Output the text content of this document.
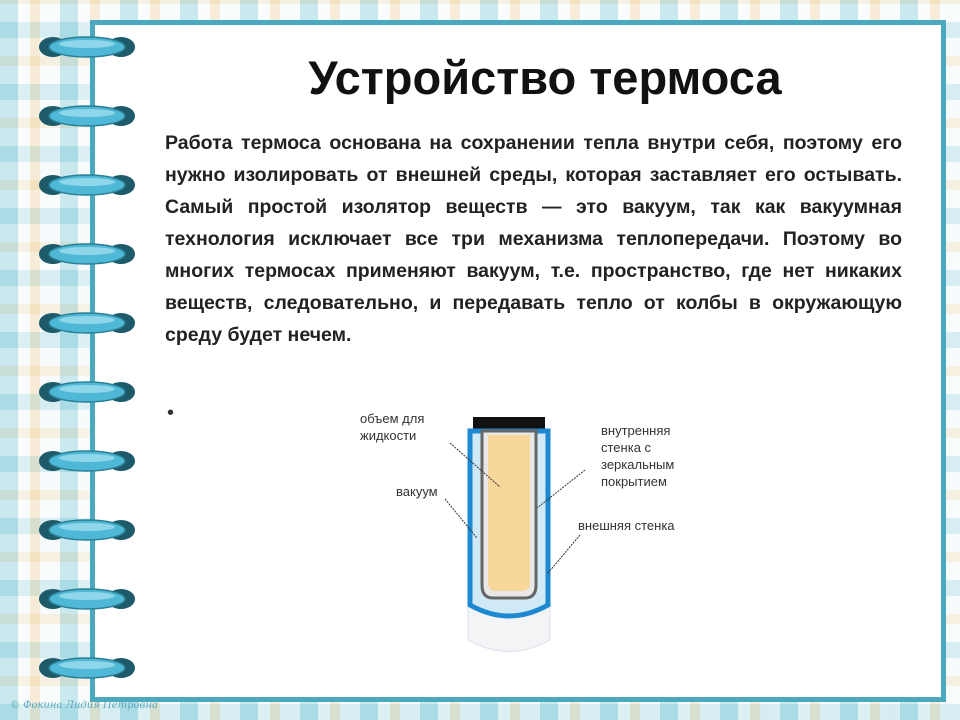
Устройство термоса
Работа термоса основана на сохранении тепла внутри себя, поэтому его нужно изолировать от внешней среды, которая заставляет его остывать. Самый простой изолятор веществ — это вакуум, так как вакуумная технология исключает все три механизма теплопередачи. Поэтому во многих термосах применяют вакуум, т.е. пространство, где нет никаких веществ, следовательно, и передавать тепло от колбы в окружающую среду будет нечем.
•	объем для жидкости
вакуум
внутренняя стенка с зеркальным покрытием
внешняя стенка
© Фокина Лидия Петровна
